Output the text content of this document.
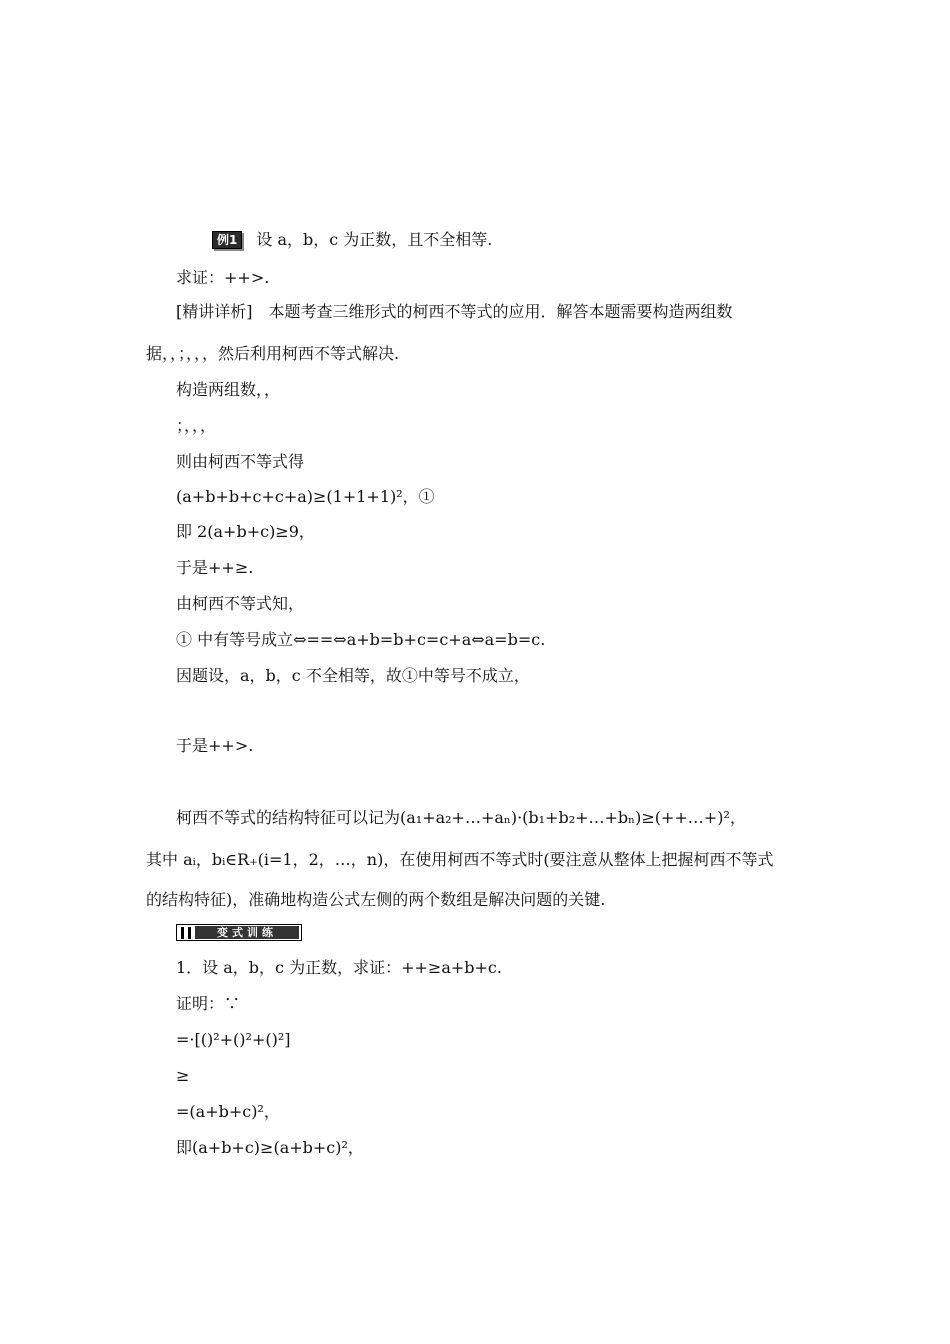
例1 设 a，b，c 为正数，且不全相等.
求证：++>.
[精讲详析]　本题考查三维形式的柯西不等式的应用．解答本题需要构造两组数
据，，；，，，然后利用柯西不等式解决.
构造两组数，，
；，，，
则由柯西不等式得
(a+b+b+c+c+a)≥(1+1+1)²，①
即 2(a+b+c)≥9，
于是++≥.
由柯西不等式知，
① 中有等号成立⇔==⇔a+b=b+c=c+a⇔a=b=c.
因题设，a，b，c 不全相等，故①中等号不成立，
于是++>.
柯西不等式的结构特征可以记为(a₁+a₂+…+aₙ)·(b₁+b₂+…+bₙ)≥(++…+)²，
其中 aᵢ，bᵢ∈R₊(i=1，2，…，n)，在使用柯西不等式时(要注意从整体上把握柯西不等式
的结构特征)，准确地构造公式左侧的两个数组是解决问题的关键.
变式训练
1．设 a，b，c 为正数，求证：++≥a+b+c.
证明：∵
=·[()²+()²+()²]
≥
=(a+b+c)²，
即(a+b+c)≥(a+b+c)²，
